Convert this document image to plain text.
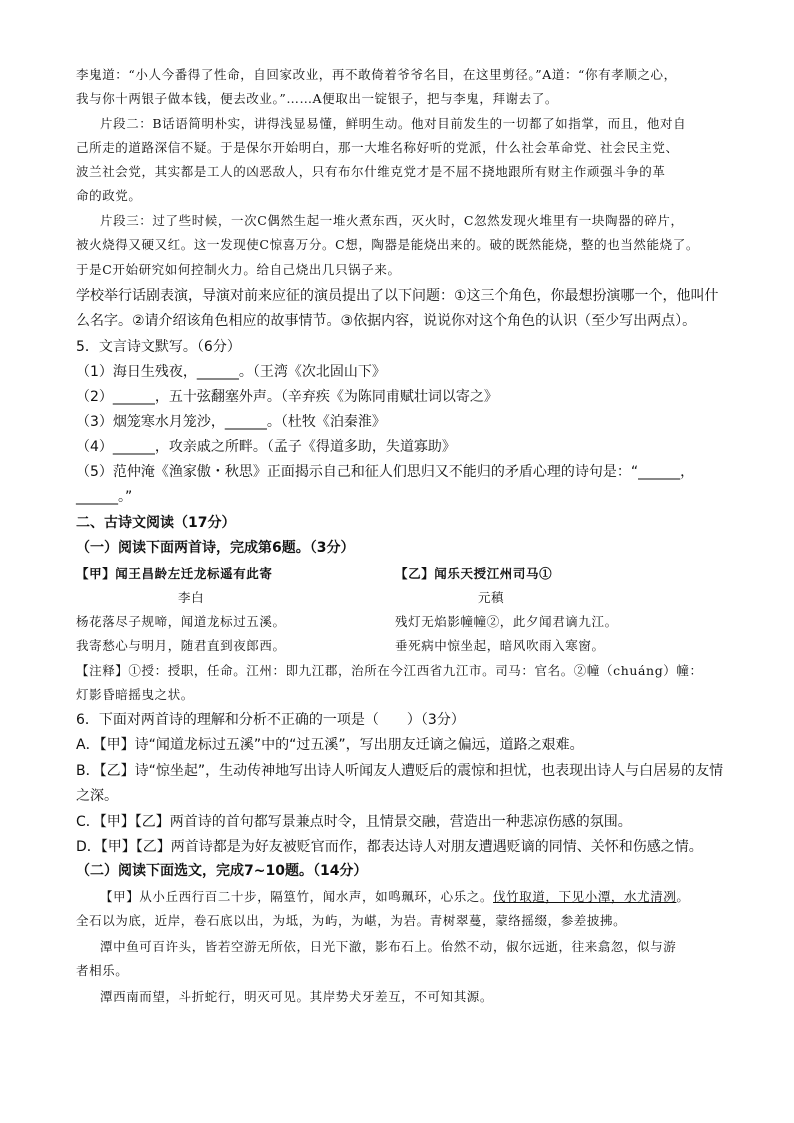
李鬼道：“小人今番得了性命，自回家改业，再不敢倚着爷爷名目，在这里剪径。”A道：“你有孝顺之心，
我与你十两银子做本钱，便去改业。”……A便取出一锭银子，把与李鬼，拜谢去了。
片段二：B话语简明朴实，讲得浅显易懂，鲜明生动。他对目前发生的一切都了如指掌，而且，他对自
己所走的道路深信不疑。于是保尔开始明白，那一大堆名称好听的党派，什么社会革命党、社会民主党、
波兰社会党，其实都是工人的凶恶敌人，只有布尔什维克党才是不屈不挠地跟所有财主作顽强斗争的革
命的政党。
片段三：过了些时候，一次C偶然生起一堆火煮东西，灭火时，C忽然发现火堆里有一块陶器的碎片，
被火烧得又硬又红。这一发现使C惊喜万分。C想，陶器是能烧出来的。破的既然能烧，整的也当然能烧了。
于是C开始研究如何控制火力。给自己烧出几只锅子来。
学校举行话剧表演，导演对前来应征的演员提出了以下问题：①这三个角色，你最想扮演哪一个，他叫什
么名字。②请介绍该角色相应的故事情节。③依据内容，说说你对这个角色的认识（至少写出两点）。
5．文言诗文默写。（6分）
（1）海日生残夜，______。（王湾《次北固山下》
（2）______，五十弦翻塞外声。（辛弃疾《为陈同甫赋壮词以寄之》
（3）烟笼寒水月笼沙，______。（杜牧《泊秦淮》
（4）______，攻亲戚之所畔。（孟子《得道多助，失道寡助》
（5）范仲淹《渔家傲・秋思》正面揭示自己和征人们思归又不能归的矛盾心理的诗句是：“______，
______。”
二、古诗文阅读（17分）
（一）阅读下面两首诗，完成第6题。（3分）
【甲】闻王昌龄左迁龙标遥有此寄
李白
杨花落尽子规啼，闻道龙标过五溪。
我寄愁心与明月，随君直到夜郎西。
【乙】闻乐天授江州司马①
元稹
残灯无焰影幢幢②，此夕闻君谪九江。
垂死病中惊坐起，暗风吹雨入寒窗。
【注释】①授：授职，任命。江州：即九江郡，治所在今江西省九江市。司马：官名。②幢（chuáng）幢：
灯影昏暗摇曳之状。
6．下面对两首诗的理解和分析不正确的一项是（　　）（3分）
A．【甲】诗“闻道龙标过五溪”中的“过五溪”，写出朋友迁谪之偏远，道路之艰难。
B．【乙】诗“惊坐起”，生动传神地写出诗人听闻友人遭贬后的震惊和担忧，也表现出诗人与白居易的友情
之深。
C．【甲】【乙】两首诗的首句都写景兼点时令，且情景交融，营造出一种悲凉伤感的氛围。
D．【甲】【乙】两首诗都是为好友被贬官而作，都表达诗人对朋友遭遇贬谪的同情、关怀和伤感之情。
（二）阅读下面选文，完成7~10题。（14分）
【甲】从小丘西行百二十步，隔篁竹，闻水声，如鸣珮环，心乐之。伐竹取道，下见小潭，水尤清冽。
全石以为底，近岸，卷石底以出，为坻，为屿，为嵁，为岩。青树翠蔓，蒙络摇缀，参差披拂。
潭中鱼可百许头，皆若空游无所依，日光下澈，影布石上。佁然不动，俶尔远逝，往来翕忽，似与游
者相乐。
潭西南而望，斗折蛇行，明灭可见。其岸势犬牙差互，不可知其源。
